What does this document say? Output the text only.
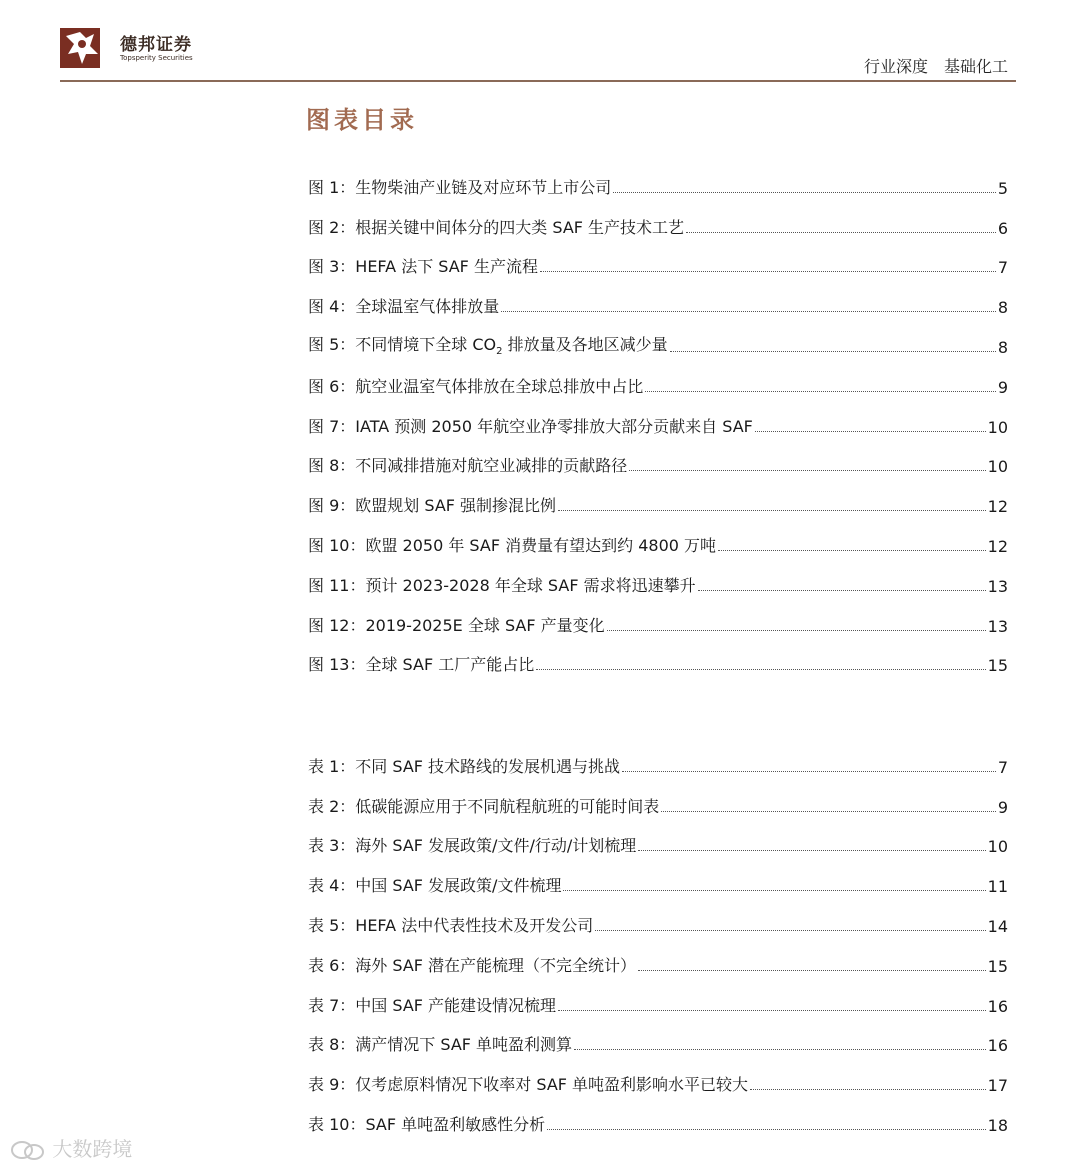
德邦证券
Topsperity Securities	行业深度 基础化工
图表目录
图 1：生物柴油产业链及对应环节上市公司	5
图 2：根据关键中间体分的四大类 SAF 生产技术工艺	6
图 3：HEFA 法下 SAF 生产流程	7
图 4：全球温室气体排放量	8
图 5：不同情境下全球 $CO_2$ 排放量及各地区减少量	8
图 6：航空业温室气体排放在全球总排放中占比	9
图 7：IATA 预测 2050 年航空业净零排放大部分贡献来自 SAF	10
图 8：不同减排措施对航空业减排的贡献路径	10
图 9：欧盟规划 SAF 强制掺混比例	12
图 10：欧盟 2050 年 SAF 消费量有望达到约 4800 万吨	12
图 11：预计 2023-2028 年全球 SAF 需求将迅速攀升	13
图 12：2019-2025E 全球 SAF 产量变化	13
图 13：全球 SAF 工厂产能占比	15
表 1：不同 SAF 技术路线的发展机遇与挑战	7
表 2：低碳能源应用于不同航程航班的可能时间表	9
表 3：海外 SAF 发展政策/文件/行动/计划梳理	10
表 4：中国 SAF 发展政策/文件梳理	11
表 5：HEFA 法中代表性技术及开发公司	14
表 6：海外 SAF 潜在产能梳理（不完全统计）	15
表 7：中国 SAF 产能建设情况梳理	16
表 8：满产情况下 SAF 单吨盈利测算	16
表 9：仅考虑原料情况下收率对 SAF 单吨盈利影响水平已较大	17
表 10：SAF 单吨盈利敏感性分析	18
大数跨境
